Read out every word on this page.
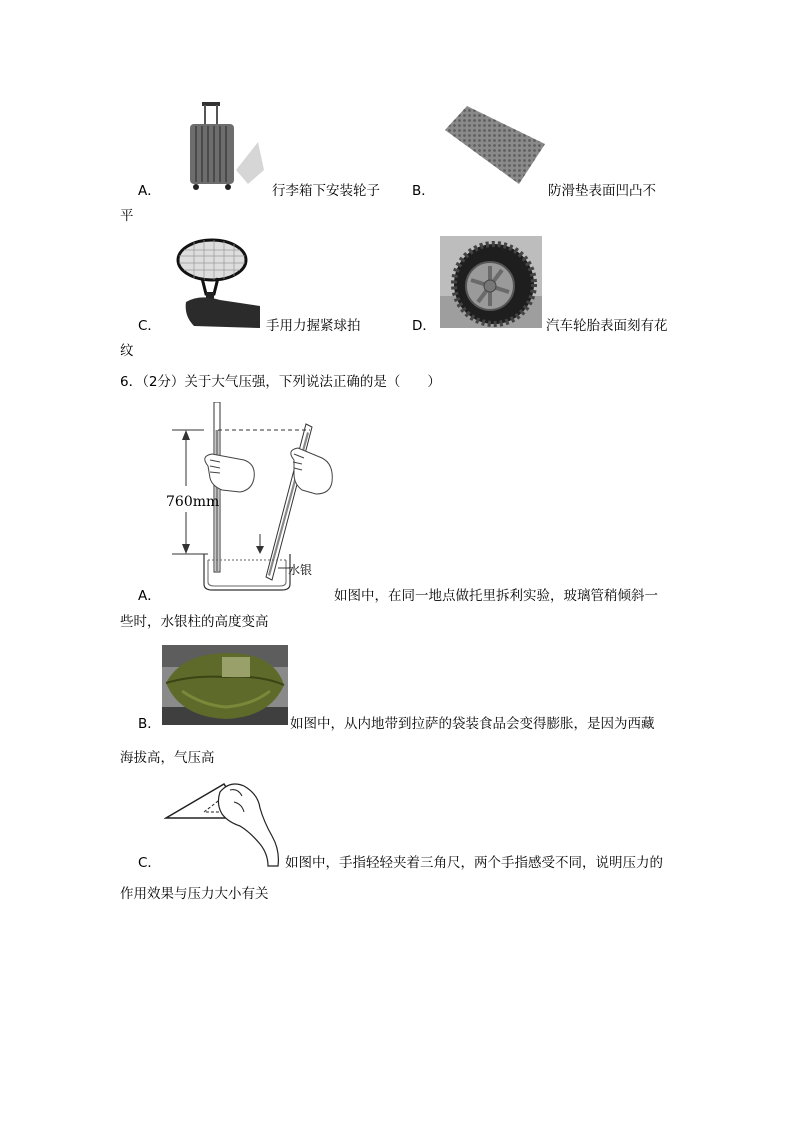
A．	行李箱下安装轮子 B．	防滑垫表面凹凸不
平
C．	手用力握紧球拍	D．	汽车轮胎表面刻有花
纹
6．（2分）关于大气压强，下列说法正确的是（　　）
760mm
水银
A．	如图中，在同一地点做托里拆利实验，玻璃管稍倾斜一
些时，水银柱的高度变高
B．	如图中，从内地带到拉萨的袋装食品会变得膨胀，是因为西藏
海拔高，气压高
C．	如图中，手指轻轻夹着三角尺，两个手指感受不同，说明压力的
作用效果与压力大小有关
